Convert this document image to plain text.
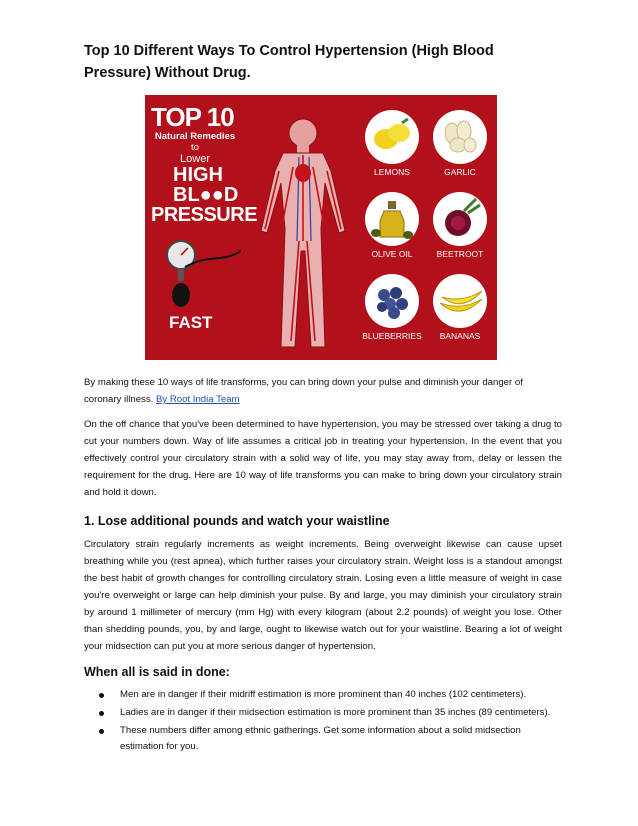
Top 10 Different Ways To Control Hypertension (High Blood Pressure) Without Drug.
TOP 10
Natural Remedies
to
Lower
HIGH
BL●●D
PRESSURE
FAST
LEMONS	GARLIC
OLIVE OIL	BEETROOT
BLUEBERRIES	BANANAS

By making these 10 ways of life transforms, you can bring down your pulse and diminish your danger of coronary illness. By Root India Team

On the off chance that you've been determined to have hypertension, you may be stressed over taking a drug to cut your numbers down. Way of life assumes a critical job in treating your hypertension. In the event that you effectively control your circulatory strain with a solid way of life, you may stay away from, delay or lessen the requirement for the drug. Here are 10 way of life transforms you can make to bring down your circulatory strain and hold it down.

1. Lose additional pounds and watch your waistline

Circulatory strain regularly increments as weight increments. Being overweight likewise can cause upset breathing while you (rest apnea), which further raises your circulatory strain. Weight loss is a standout amongst the best habit of growth changes for controlling circulatory strain. Losing even a little measure of weight in case you're overweight or large can help diminish your pulse. By and large, you may diminish your circulatory strain by around 1 millimeter of mercury (mm Hg) with every kilogram (about 2.2 pounds) of weight you lose. Other than shedding pounds, you, by and large, ought to likewise watch out for your waistline. Bearing a lot of weight your midsection can put you at more serious danger of hypertension.

When all is said in done:
Men are in danger if their midriff estimation is more prominent than 40 inches (102 centimeters).
Ladies are in danger if their midsection estimation is more prominent than 35 inches (89 centimeters).
These numbers differ among ethnic gatherings. Get some information about a solid midsection estimation for you.
